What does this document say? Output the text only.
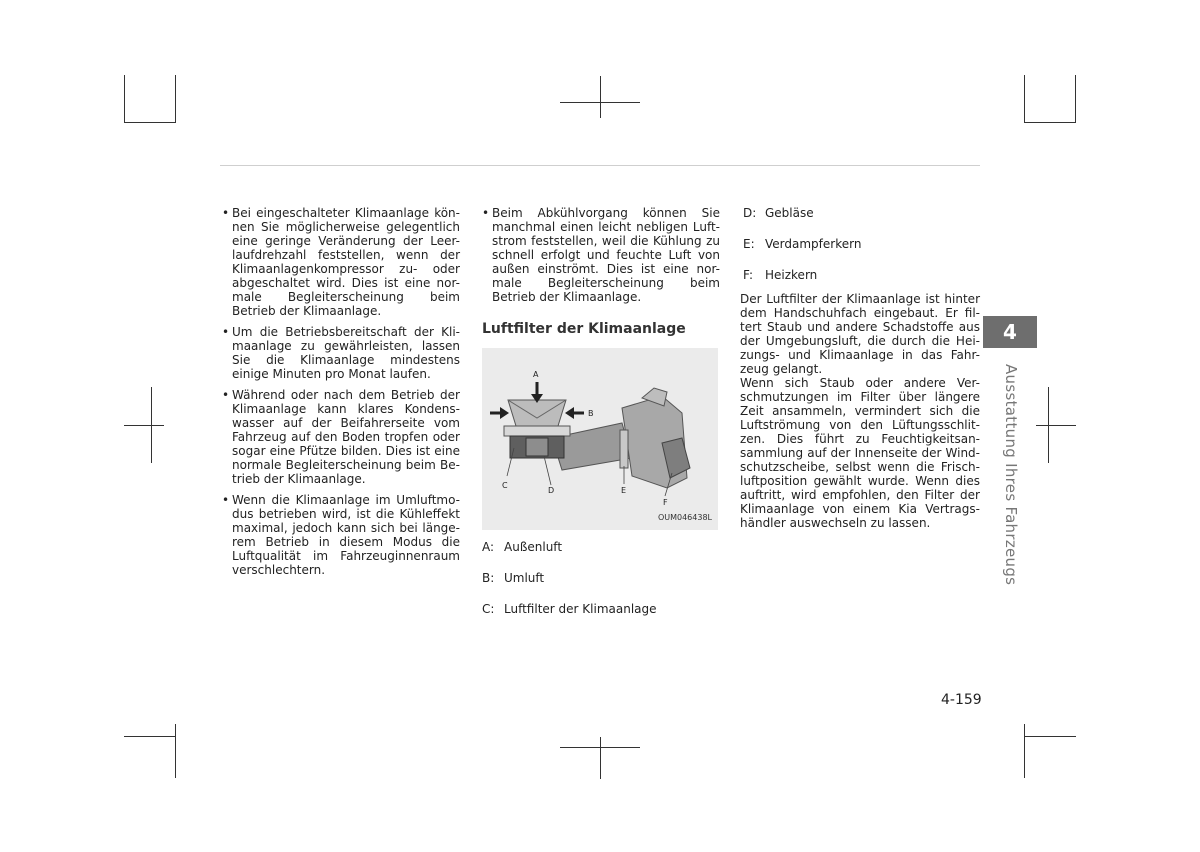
• Bei eingeschalteter Klimaanlage kön-nen Sie möglicherweise gelegentlich eine geringe Veränderung der Leer-laufdrehzahl feststellen, wenn der Klimaanlagenkompressor zu- oder abgeschaltet wird. Dies ist eine nor-male Begleiterscheinung beim Betrieb der Klimaanlage.

• Um die Betriebsbereitschaft der Kli-maanlage zu gewährleisten, lassen Sie die Klimaanlage mindestens einige Minuten pro Monat laufen.

• Während oder nach dem Betrieb der Klimaanlage kann klares Kondens-wasser auf der Beifahrerseite vom Fahrzeug auf den Boden tropfen oder sogar eine Pfütze bilden. Dies ist eine normale Begleiterscheinung beim Be-trieb der Klimaanlage.

• Wenn die Klimaanlage im Umluftmo-dus betrieben wird, ist die Kühleffekt maximal, jedoch kann sich bei länge-rem Betrieb in diesem Modus die Luftqualität im Fahrzeuginnenraum verschlechtern.

• Beim Abkühlvorgang können Sie manchmal einen leicht nebligen Luft-strom feststellen, weil die Kühlung zu schnell erfolgt und feuchte Luft von außen einströmt. Dies ist eine nor-male Begleiterscheinung beim Betrieb der Klimaanlage.

Luftfilter der Klimaanlage
A
B
C
D	E
F
OUM046438L

A: Außenluft

B: Umluft

C: Luftfilter der Klimaanlage

D: Gebläse

E: Verdampferkern

F: Heizkern

Der Luftfilter der Klimaanlage ist hinter dem Handschuhfach eingebaut. Er fil-tert Staub und andere Schadstoffe aus der Umgebungsluft, die durch die Hei-zungs- und Klimaanlage in das Fahr-zeug gelangt.

Wenn sich Staub oder andere Ver-schmutzungen im Filter über längere Zeit ansammeln, vermindert sich die Luftströmung von den Lüftungsschlit-zen. Dies führt zu Feuchtigkeitsan-sammlung auf der Innenseite der Wind-schutzscheibe, selbst wenn die Frisch-luftposition gewählt wurde. Wenn dies auftritt, wird empfohlen, den Filter der Klimaanlage von einem Kia Vertrags-händler auswechseln zu lassen.

4
Ausstattung Ihres Fahrzeugs
4-159
